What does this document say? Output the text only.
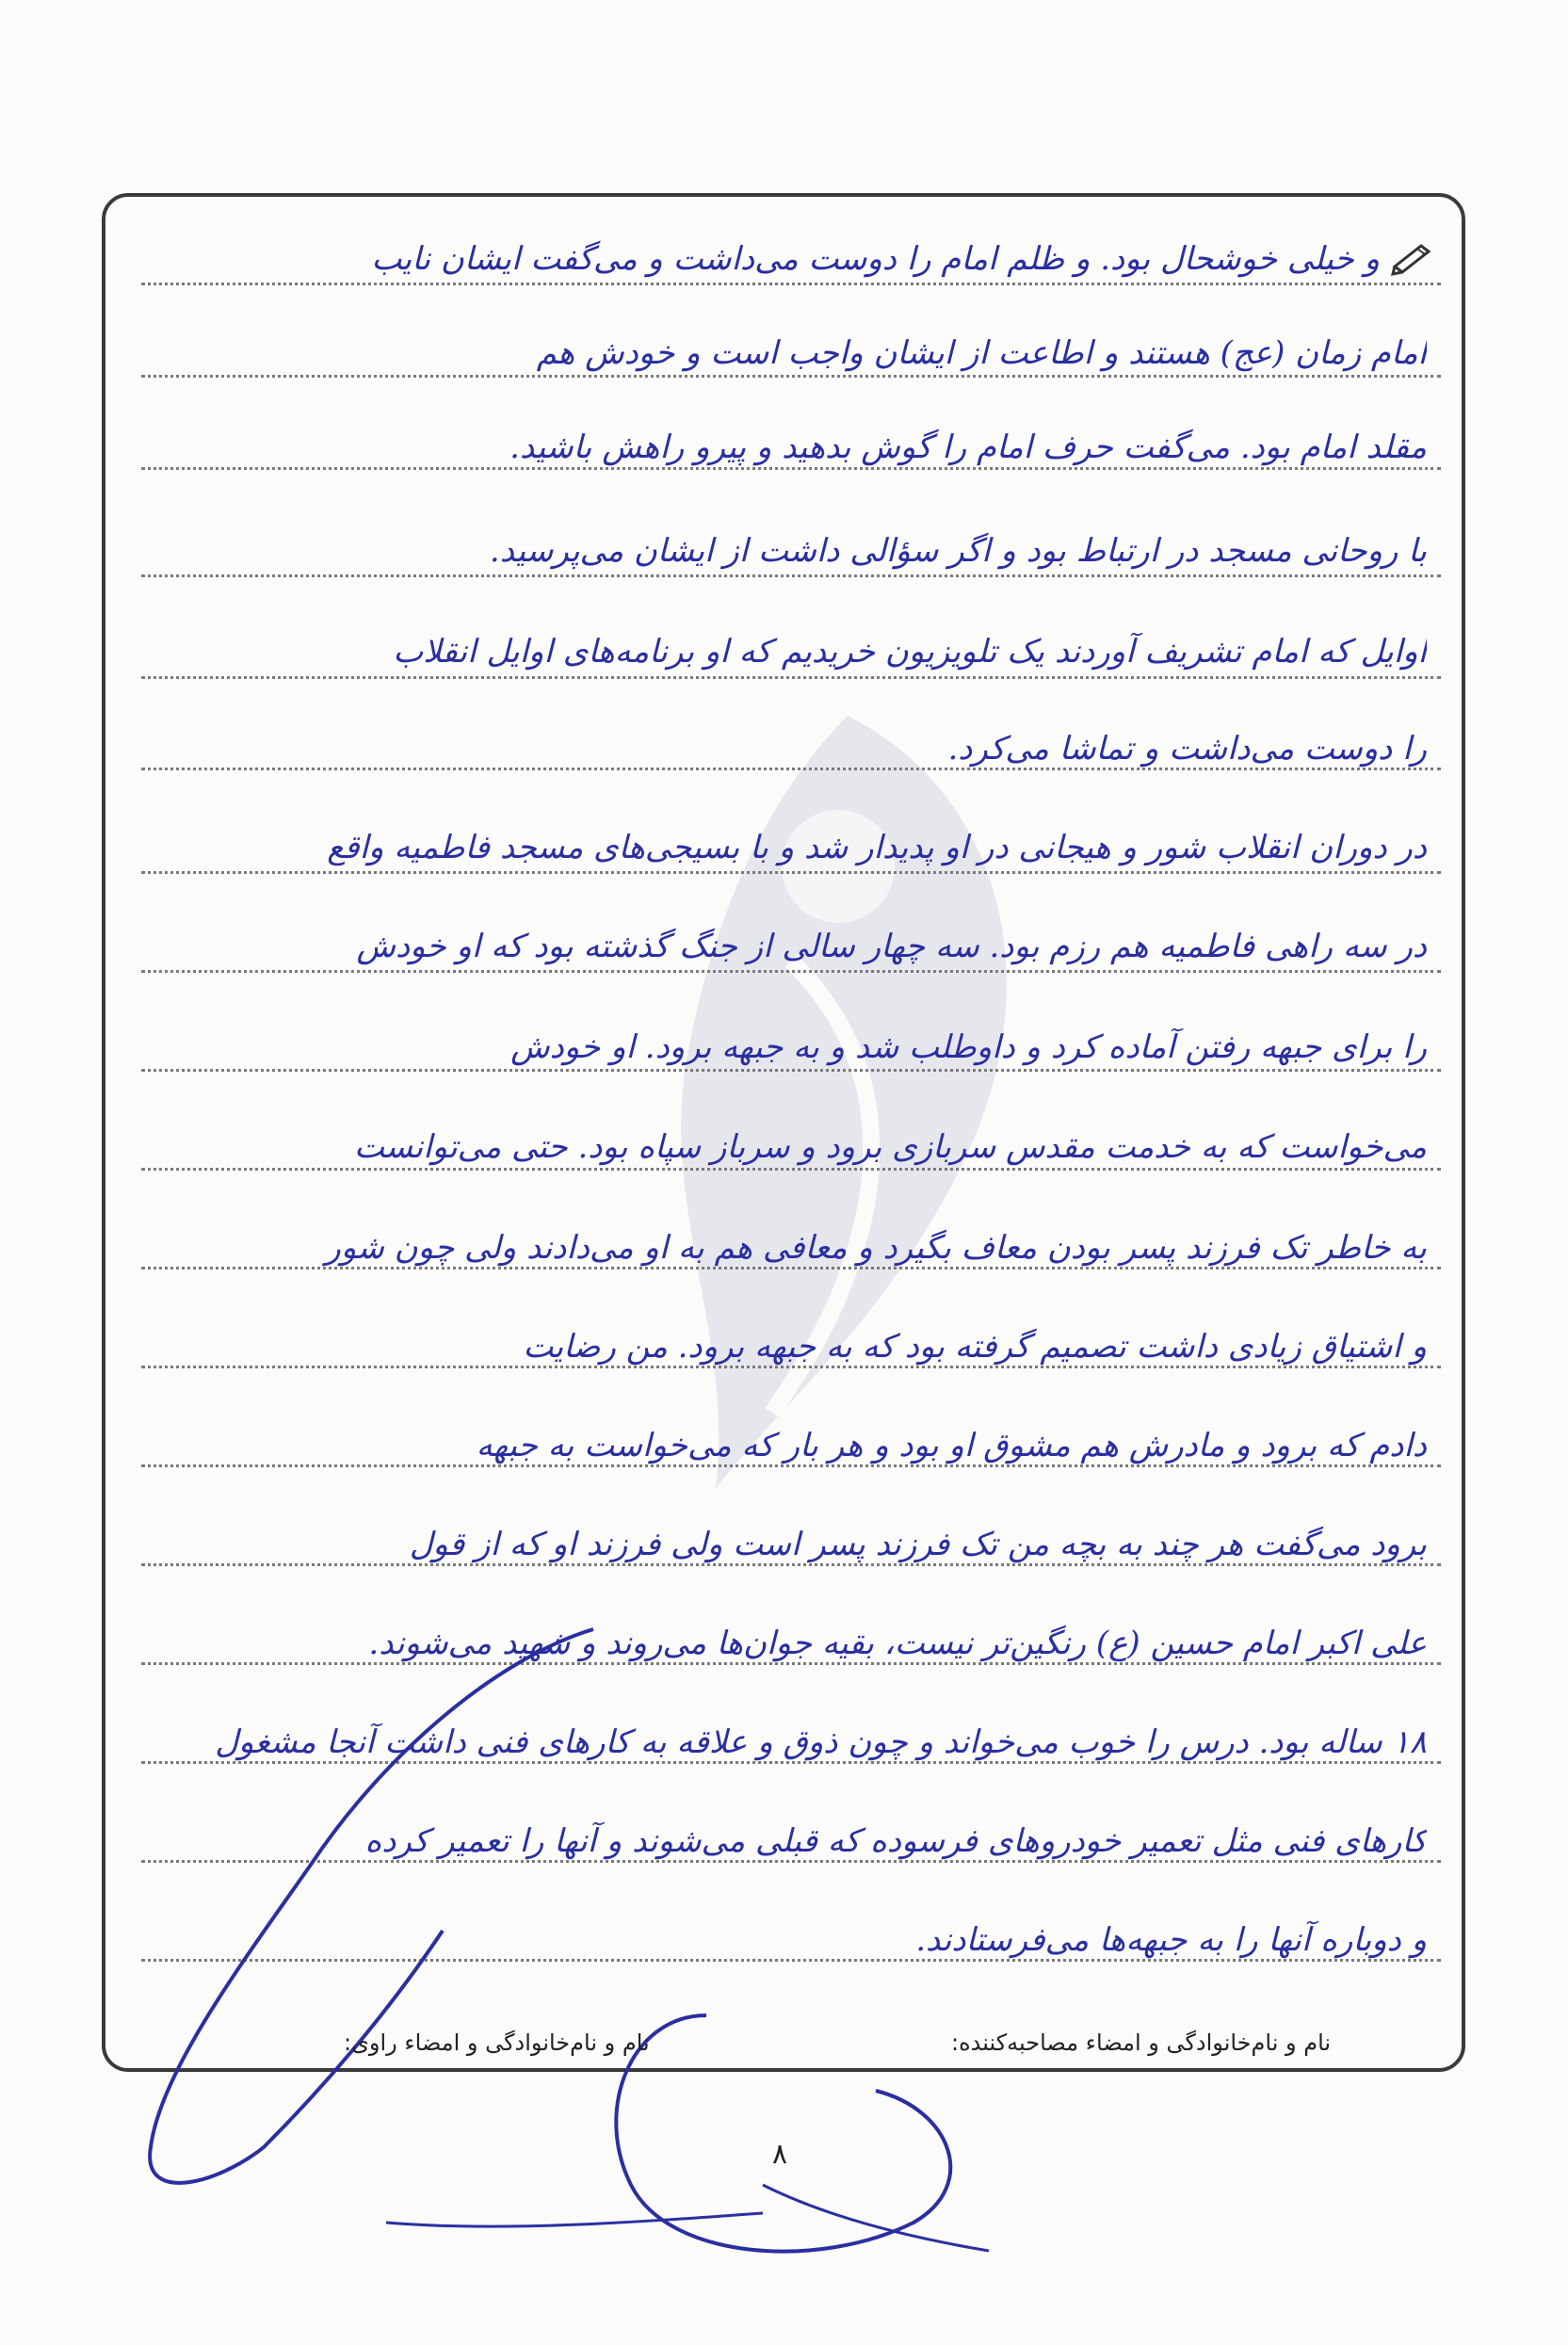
و خیلی خوشحال بود. و ظلم امام را دوست می‌داشت و می‌گفت ایشان نایب
امام زمان (عج) هستند و اطاعت از ایشان واجب است و خودش هم
مقلد امام بود. می‌گفت حرف امام را گوش بدهید و پیرو راهش باشید.
با روحانی مسجد در ارتباط بود و اگر سؤالی داشت از ایشان می‌پرسید.
اوایل که امام تشریف آوردند یک تلویزیون خریدیم که او برنامه‌های اوایل انقلاب
را دوست می‌داشت و تماشا می‌کرد.
در دوران انقلاب شور و هیجانی در او پدیدار شد و با بسیجی‌های مسجد فاطمیه واقع
در سه راهی فاطمیه هم رزم بود. سه چهار سالی از جنگ گذشته بود که او خودش
را برای جبهه رفتن آماده کرد و داوطلب شد و به جبهه برود. او خودش
می‌خواست که به خدمت مقدس سربازی برود و سرباز سپاه بود. حتی می‌توانست
به خاطر تک فرزند پسر بودن معاف بگیرد و معافی هم به او می‌دادند ولی چون شور
و اشتیاق زیادی داشت تصمیم گرفته بود که به جبهه برود. من رضایت
دادم که برود و مادرش هم مشوق او بود و هر بار که می‌خواست به جبهه
برود می‌گفت هر چند به بچه من تک فرزند پسر است ولی فرزند او که از قول
علی اکبر امام حسین (ع) رنگین‌تر نیست، بقیه جوان‌ها می‌روند و شهید می‌شوند.
۱۸ ساله بود. درس را خوب می‌خواند و چون ذوق و علاقه به کارهای فنی داشت آنجا مشغول
کارهای فنی مثل تعمیر خودروهای فرسوده که قبلی می‌شوند و آنها را تعمیر کرده
و دوباره آنها را به جبهه‌ها می‌فرستادند.
نام و نام‌خانوادگی و امضاء مصاحبه‌کننده:
نام و نام‌خانوادگی و امضاء راوی:
۸
